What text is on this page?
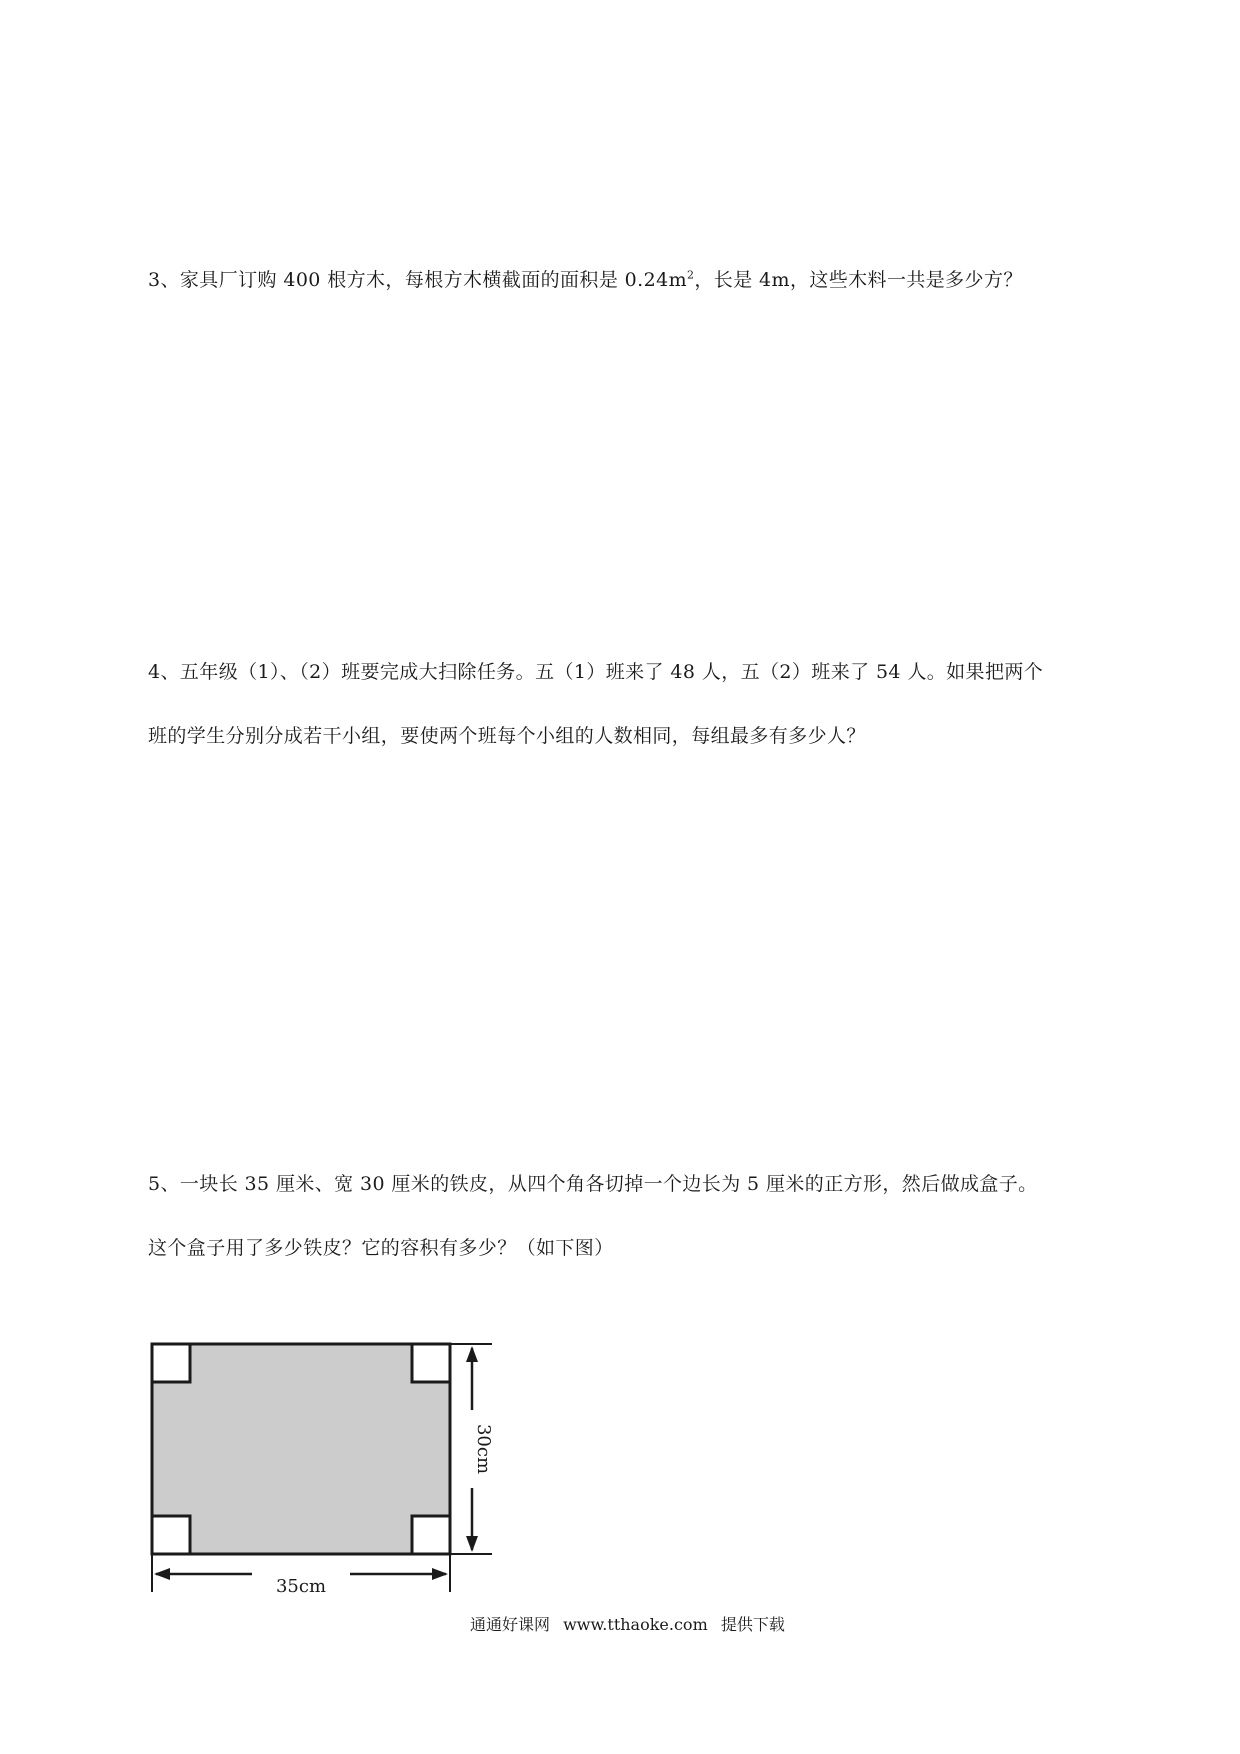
3、家具厂订购 400 根方木，每根方木横截面的面积是 $0.24m^2$，长是 4m，这些木料一共是多少方？
4、五年级（1）、（2）班要完成大扫除任务。五（1）班来了 48 人，五（2）班来了 54 人。如果把两个
班的学生分别分成若干小组，要使两个班每个小组的人数相同，每组最多有多少人？
5、一块长 35 厘米、宽 30 厘米的铁皮，从四个角各切掉一个边长为 5 厘米的正方形，然后做成盒子。
这个盒子用了多少铁皮？它的容积有多少？（如下图）
30cm
35cm
通通好课网 www.tthaoke.com 提供下载
